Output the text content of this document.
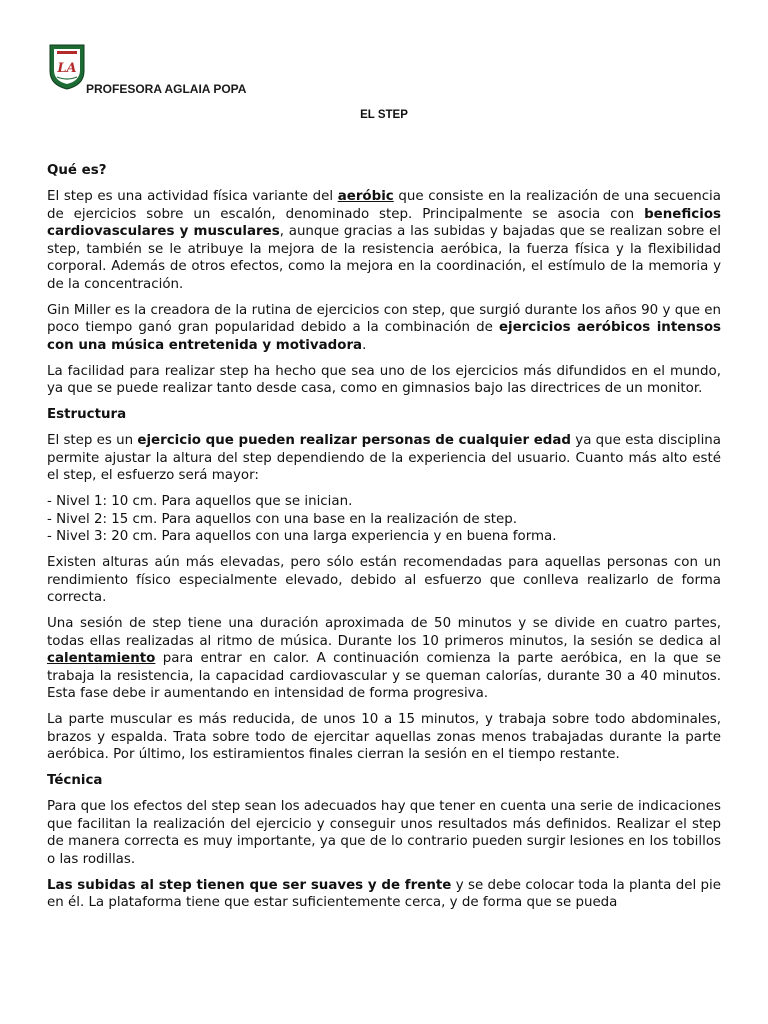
LA
PROFESORA AGLAIA POPA
EL STEP
Qué es?

El step es una actividad física variante del aeróbic que consiste en la realización de una secuencia de ejercicios sobre un escalón, denominado step. Principalmente se asocia con beneficios cardiovasculares y musculares, aunque gracias a las subidas y bajadas que se realizan sobre el step, también se le atribuye la mejora de la resistencia aeróbica, la fuerza física y la flexibilidad corporal. Además de otros efectos, como la mejora en la coordinación, el estímulo de la memoria y de la concentración.

Gin Miller es la creadora de la rutina de ejercicios con step, que surgió durante los años 90 y que en poco tiempo ganó gran popularidad debido a la combinación de ejercicios aeróbicos intensos con una música entretenida y motivadora.

La facilidad para realizar step ha hecho que sea uno de los ejercicios más difundidos en el mundo, ya que se puede realizar tanto desde casa, como en gimnasios bajo las directrices de un monitor.

Estructura

El step es un ejercicio que pueden realizar personas de cualquier edad ya que esta disciplina permite ajustar la altura del step dependiendo de la experiencia del usuario. Cuanto más alto esté el step, el esfuerzo será mayor:

- Nivel 1: 10 cm. Para aquellos que se inician.
- Nivel 2: 15 cm. Para aquellos con una base en la realización de step.
- Nivel 3: 20 cm. Para aquellos con una larga experiencia y en buena forma.

Existen alturas aún más elevadas, pero sólo están recomendadas para aquellas personas con un rendimiento físico especialmente elevado, debido al esfuerzo que conlleva realizarlo de forma correcta.

Una sesión de step tiene una duración aproximada de 50 minutos y se divide en cuatro partes, todas ellas realizadas al ritmo de música. Durante los 10 primeros minutos, la sesión se dedica al calentamiento para entrar en calor. A continuación comienza la parte aeróbica, en la que se trabaja la resistencia, la capacidad cardiovascular y se queman calorías, durante 30 a 40 minutos. Esta fase debe ir aumentando en intensidad de forma progresiva.

La parte muscular es más reducida, de unos 10 a 15 minutos, y trabaja sobre todo abdominales, brazos y espalda. Trata sobre todo de ejercitar aquellas zonas menos trabajadas durante la parte aeróbica. Por último, los estiramientos finales cierran la sesión en el tiempo restante.

Técnica

Para que los efectos del step sean los adecuados hay que tener en cuenta una serie de indicaciones que facilitan la realización del ejercicio y conseguir unos resultados más definidos. Realizar el step de manera correcta es muy importante, ya que de lo contrario pueden surgir lesiones en los tobillos o las rodillas.

Las subidas al step tienen que ser suaves y de frente y se debe colocar toda la planta del pie en él. La plataforma tiene que estar suficientemente cerca, y de forma que se pueda
